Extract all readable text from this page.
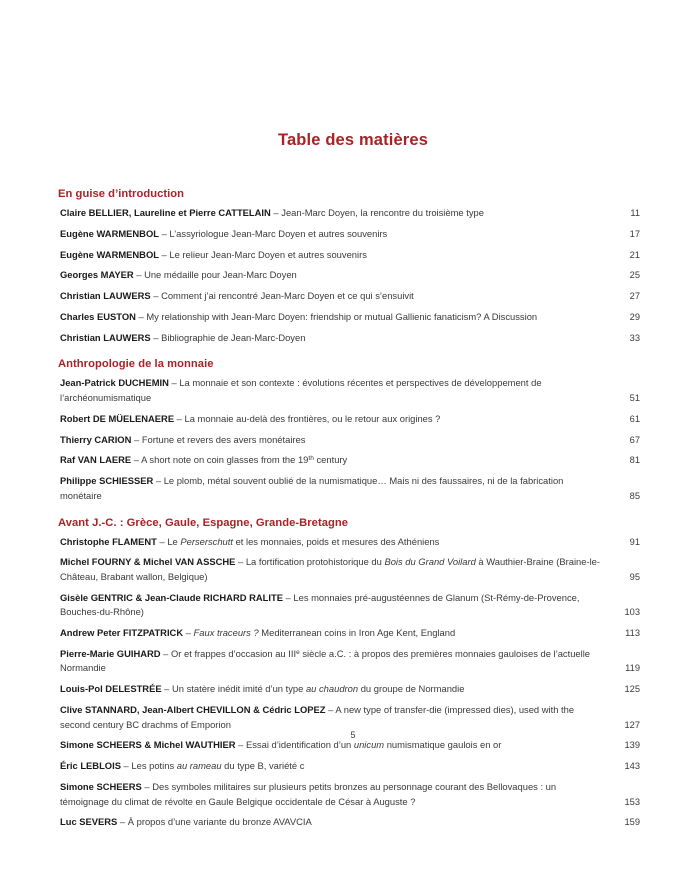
Table des matières
En guise d’introduction
Claire BELLIER, Laureline et Pierre CATTELAIN – Jean-Marc Doyen, la rencontre du troisième type	11
Eugène WARMENBOL – L’assyriologue Jean-Marc Doyen et autres souvenirs	17
Eugène WARMENBOL – Le relieur Jean-Marc Doyen et autres souvenirs	21
Georges MAYER – Une médaille pour Jean-Marc Doyen	25
Christian LAUWERS – Comment j’ai rencontré Jean-Marc Doyen et ce qui s’ensuivit	27
Charles EUSTON – My relationship with Jean-Marc Doyen: friendship or mutual Gallienic fanaticism? A Discussion	29
Christian LAUWERS – Bibliographie de Jean-Marc-Doyen	33
Anthropologie de la monnaie
Jean-Patrick DUCHEMIN – La monnaie et son contexte : évolutions récentes et perspectives de développement de l’archéonumismatique	51
Robert DE MÜELENAERE – La monnaie au-delà des frontières, ou le retour aux origines ?	61
Thierry CARION – Fortune et revers des avers monétaires	67
Raf VAN LAERE – A short note on coin glasses from the 19th century	81
Philippe SCHIESSER – Le plomb, métal souvent oublié de la numismatique… Mais ni des faussaires, ni de la fabrication monétaire	85
Avant J.-C. : Grèce, Gaule, Espagne, Grande-Bretagne
Christophe FLAMENT – Le Perserschutt et les monnaies, poids et mesures des Athéniens	91
Michel FOURNY & Michel VAN ASSCHE – La fortification protohistorique du Bois du Grand Voilard à Wauthier-Braine (Braine-le-Château, Brabant wallon, Belgique)	95
Gisèle GENTRIC & Jean-Claude RICHARD RALITE – Les monnaies pré-augustéennes de Glanum (St-Rémy-de-Provence, Bouches-du-Rhône)	103
Andrew Peter FITZPATRICK – Faux traceurs ? Mediterranean coins in Iron Age Kent, England	113
Pierre-Marie GUIHARD – Or et frappes d’occasion au IIIe siècle a.C. : à propos des premières monnaies gauloises de l’actuelle Normandie	119
Louis-Pol DELESTRÉE – Un statère inédit imité d’un type au chaudron du groupe de Normandie	125
Clive STANNARD, Jean-Albert CHEVILLON & Cédric LOPEZ – A new type of transfer-die (impressed dies), used with the second century BC drachms of Emporion	127
Simone SCHEERS & Michel WAUTHIER – Essai d’identification d’un unicum numismatique gaulois en or	139
Éric LEBLOIS – Les potins au rameau du type B, variété c	143
Simone SCHEERS – Des symboles militaires sur plusieurs petits bronzes au personnage courant des Bellovaques : un témoignage du climat de révolte en Gaule Belgique occidentale de César à Auguste ?	153
Luc SEVERS – À propos d’une variante du bronze AVAVCIA	159
5
